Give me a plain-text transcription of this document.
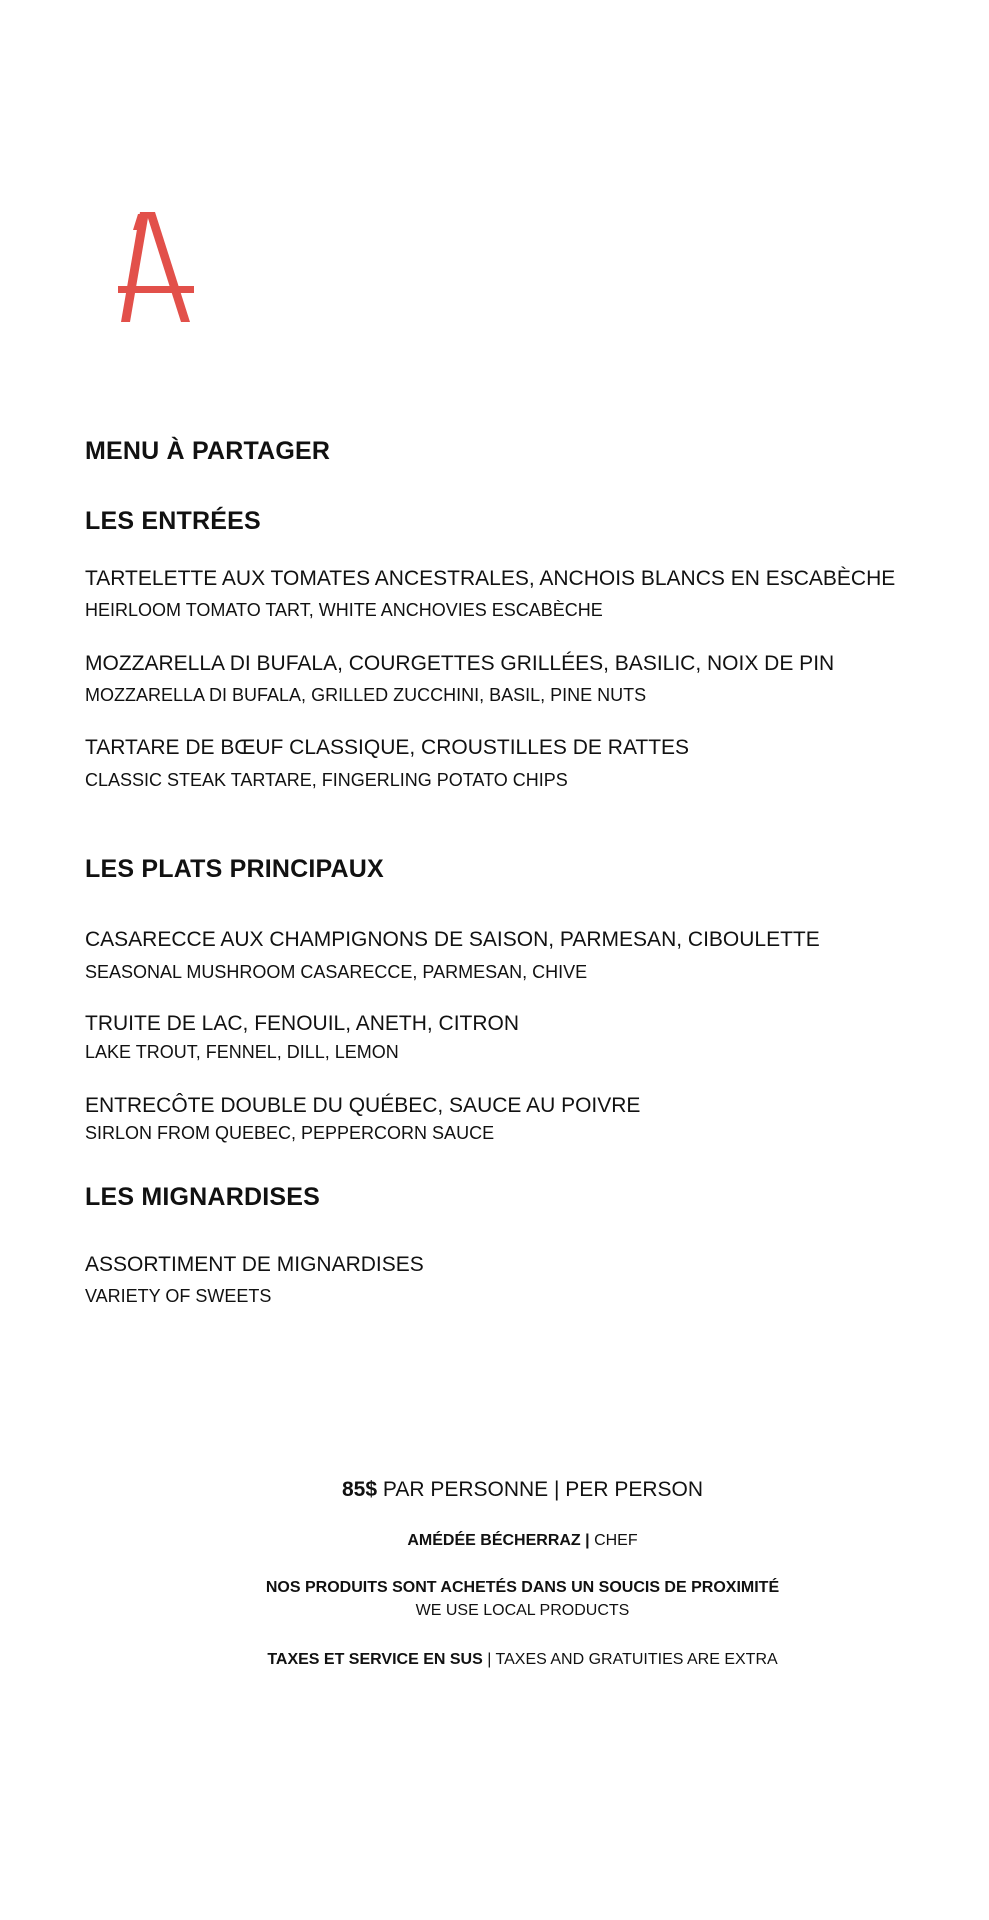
MENU À PARTAGER
LES ENTRÉES
TARTELETTE AUX TOMATES ANCESTRALES, ANCHOIS BLANCS EN ESCABÈCHE
HEIRLOOM TOMATO TART, WHITE ANCHOVIES ESCABÈCHE
MOZZARELLA DI BUFALA, COURGETTES GRILLÉES, BASILIC, NOIX DE PIN
MOZZARELLA DI BUFALA, GRILLED ZUCCHINI, BASIL, PINE NUTS
TARTARE DE BŒUF CLASSIQUE, CROUSTILLES DE RATTES
CLASSIC STEAK TARTARE, FINGERLING POTATO CHIPS
LES PLATS PRINCIPAUX
CASARECCE AUX CHAMPIGNONS DE SAISON, PARMESAN, CIBOULETTE
SEASONAL MUSHROOM CASARECCE, PARMESAN, CHIVE
TRUITE DE LAC, FENOUIL, ANETH, CITRON
LAKE TROUT, FENNEL, DILL, LEMON
ENTRECÔTE DOUBLE DU QUÉBEC, SAUCE AU POIVRE
SIRLON FROM QUEBEC, PEPPERCORN SAUCE
LES MIGNARDISES
ASSORTIMENT DE MIGNARDISES
VARIETY OF SWEETS
85$ PAR PERSONNE | PER PERSON
AMÉDÉE BÉCHERRAZ | CHEF
NOS PRODUITS SONT ACHETÉS DANS UN SOUCIS DE PROXIMITÉ
WE USE LOCAL PRODUCTS
TAXES ET SERVICE EN SUS | TAXES AND GRATUITIES ARE EXTRA
